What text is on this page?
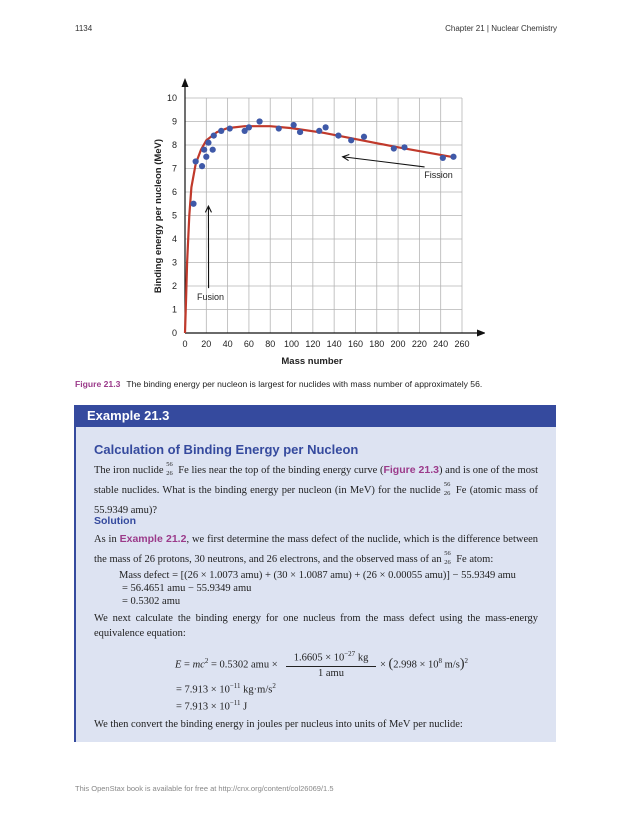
1134	Chapter 21 | Nuclear Chemistry
0 20 40 60 80 100 120 140 160 180 200 220 240 260
0
1
2
3
4
5
6
7
8
9
10
Fusion
Fission
Mass number
Binding energy per nucleon (MeV)
Figure 21.3 The binding energy per nucleon is largest for nuclides with mass number of approximately 56.
Example 21.3
Calculation of Binding Energy per Nucleon
The iron nuclide
56
26 Fe lies near the top of the binding energy curve (Figure 21.3) and is one of the most stable nuclides. What is the binding energy per nucleon (in MeV) for the nuclide
56
26 Fe (atomic mass of 55.9349 amu)?
Solution
As in Example 21.2, we first determine the mass defect of the nuclide, which is the difference between the mass of 26 protons, 30 neutrons, and 26 electrons, and the observed mass of an
56
26 Fe atom:
Mass defect = [(26 × 1.0073 amu) + (30 × 1.0087 amu) + (26 × 0.00055 amu)] − 55.9349 amu
= 56.4651 amu − 55.9349 amu
= 0.5302 amu
We next calculate the binding energy for one nucleus from the mass defect using the mass-energy equivalence equation:
$E = mc^2 = 0.5302$ amu ×
$1.6605 \times 10^{-27}$ kg
1 amu
× ($2.998 \times 10^8$ m/s)$^2$
= $7.913 \times 10^{-11}$ $kg\cdot m/s^2$
= $7.913 \times 10^{-11}$ J
We then convert the binding energy in joules per nucleus into units of MeV per nuclide:
This OpenStax book is available for free at http://cnx.org/content/col26069/1.5
